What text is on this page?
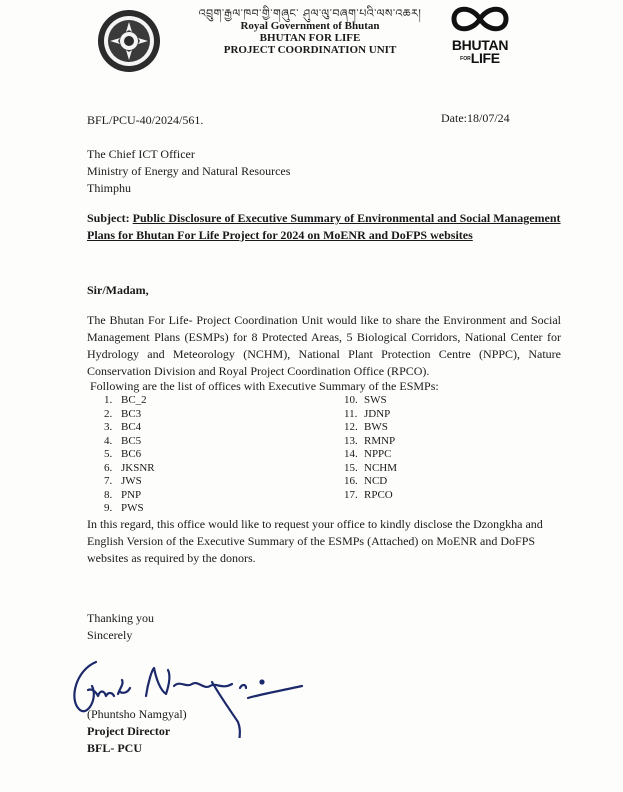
འབྲུག་རྒྱལ་ཁབ་གྱི་གཞུང་ ཤུལ་ལུ་བཞག་པའི་ལས་འཆར།
Royal Government of Bhutan
BHUTAN FOR LIFE
PROJECT COORDINATION UNIT	BHUTAN
FORLIFE
BFL/PCU-40/2024/561.	Date:18/07/24
The Chief ICT Officer
Ministry of Energy and Natural Resources
Thimphu
Subject: Public Disclosure of Executive Summary of Environmental and Social Management Plans for Bhutan For Life Project for 2024 on MoENR and DoFPS websites
Sir/Madam,
The Bhutan For Life- Project Coordination Unit would like to share the Environment and Social Management Plans (ESMPs) for 8 Protected Areas, 5 Biological Corridors, National Center for Hydrology and Meteorology (NCHM), National Plant Protection Centre (NPPC), Nature Conservation Division and Royal Project Coordination Office (RPCO).
Following are the list of offices with Executive Summary of the ESMPs:
1. BC_2
2. BC3
3. BC4
4. BC5
5. BC6
6. JKSNR
7. JWS
8. PNP
9. PWS
10. SWS
11. JDNP
12. BWS
13. RMNP
14. NPPC
15. NCHM
16. NCD
17. RPCO
In this regard, this office would like to request your office to kindly disclose the Dzongkha and English Version of the Executive Summary of the ESMPs (Attached) on MoENR and DoFPS websites as required by the donors.
Thanking you
Sincerely
(Phuntsho Namgyal)
Project Director
BFL- PCU
